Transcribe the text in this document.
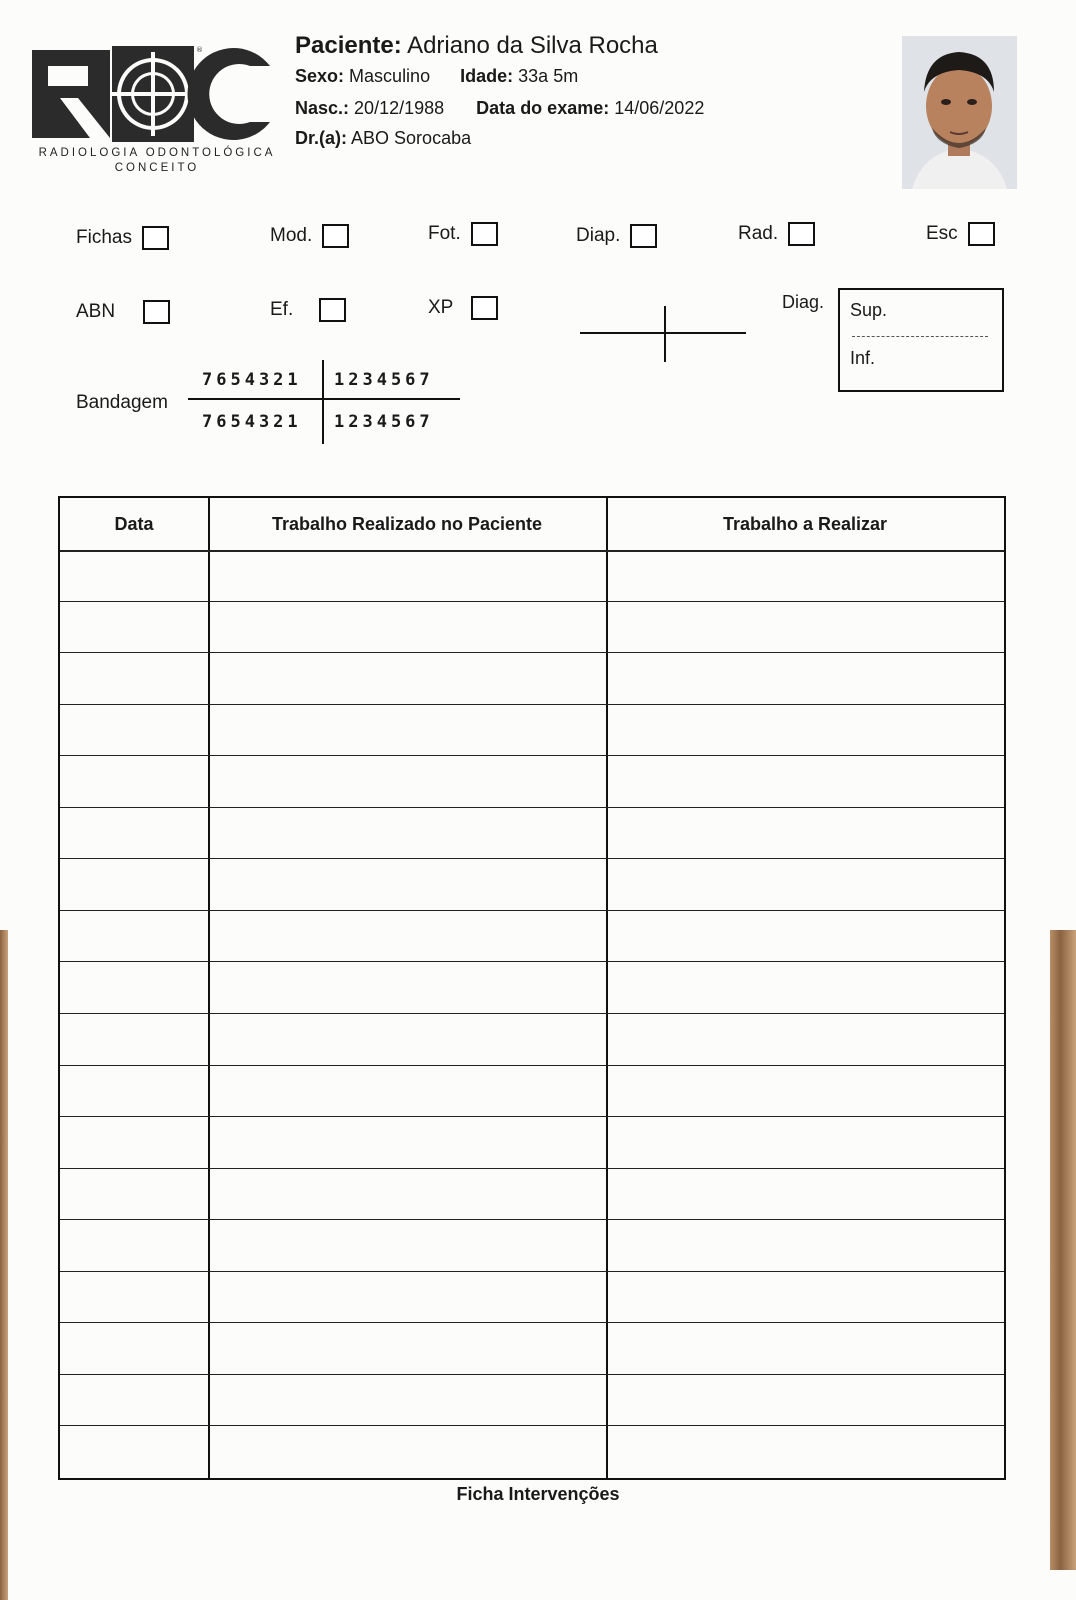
®
RADIOLOGIA ODONTOLÓGICA
CONCEITO
Paciente: Adriano da Silva Rocha
Sexo: Masculino Idade: 33a 5m
Nasc.: 20/12/1988 Data do exame: 14/06/2022
Dr.(a): ABO Sorocaba
Fichas	Mod.	Fot.	Diap.	Rad.	Esc
ABN	Ef.	XP	Diag. Sup.
Inf.
Bandagem
7654321 1234567
7654321 1234567
Data	Trabalho Realizado no Paciente	Trabalho a Realizar
Ficha Intervenções
